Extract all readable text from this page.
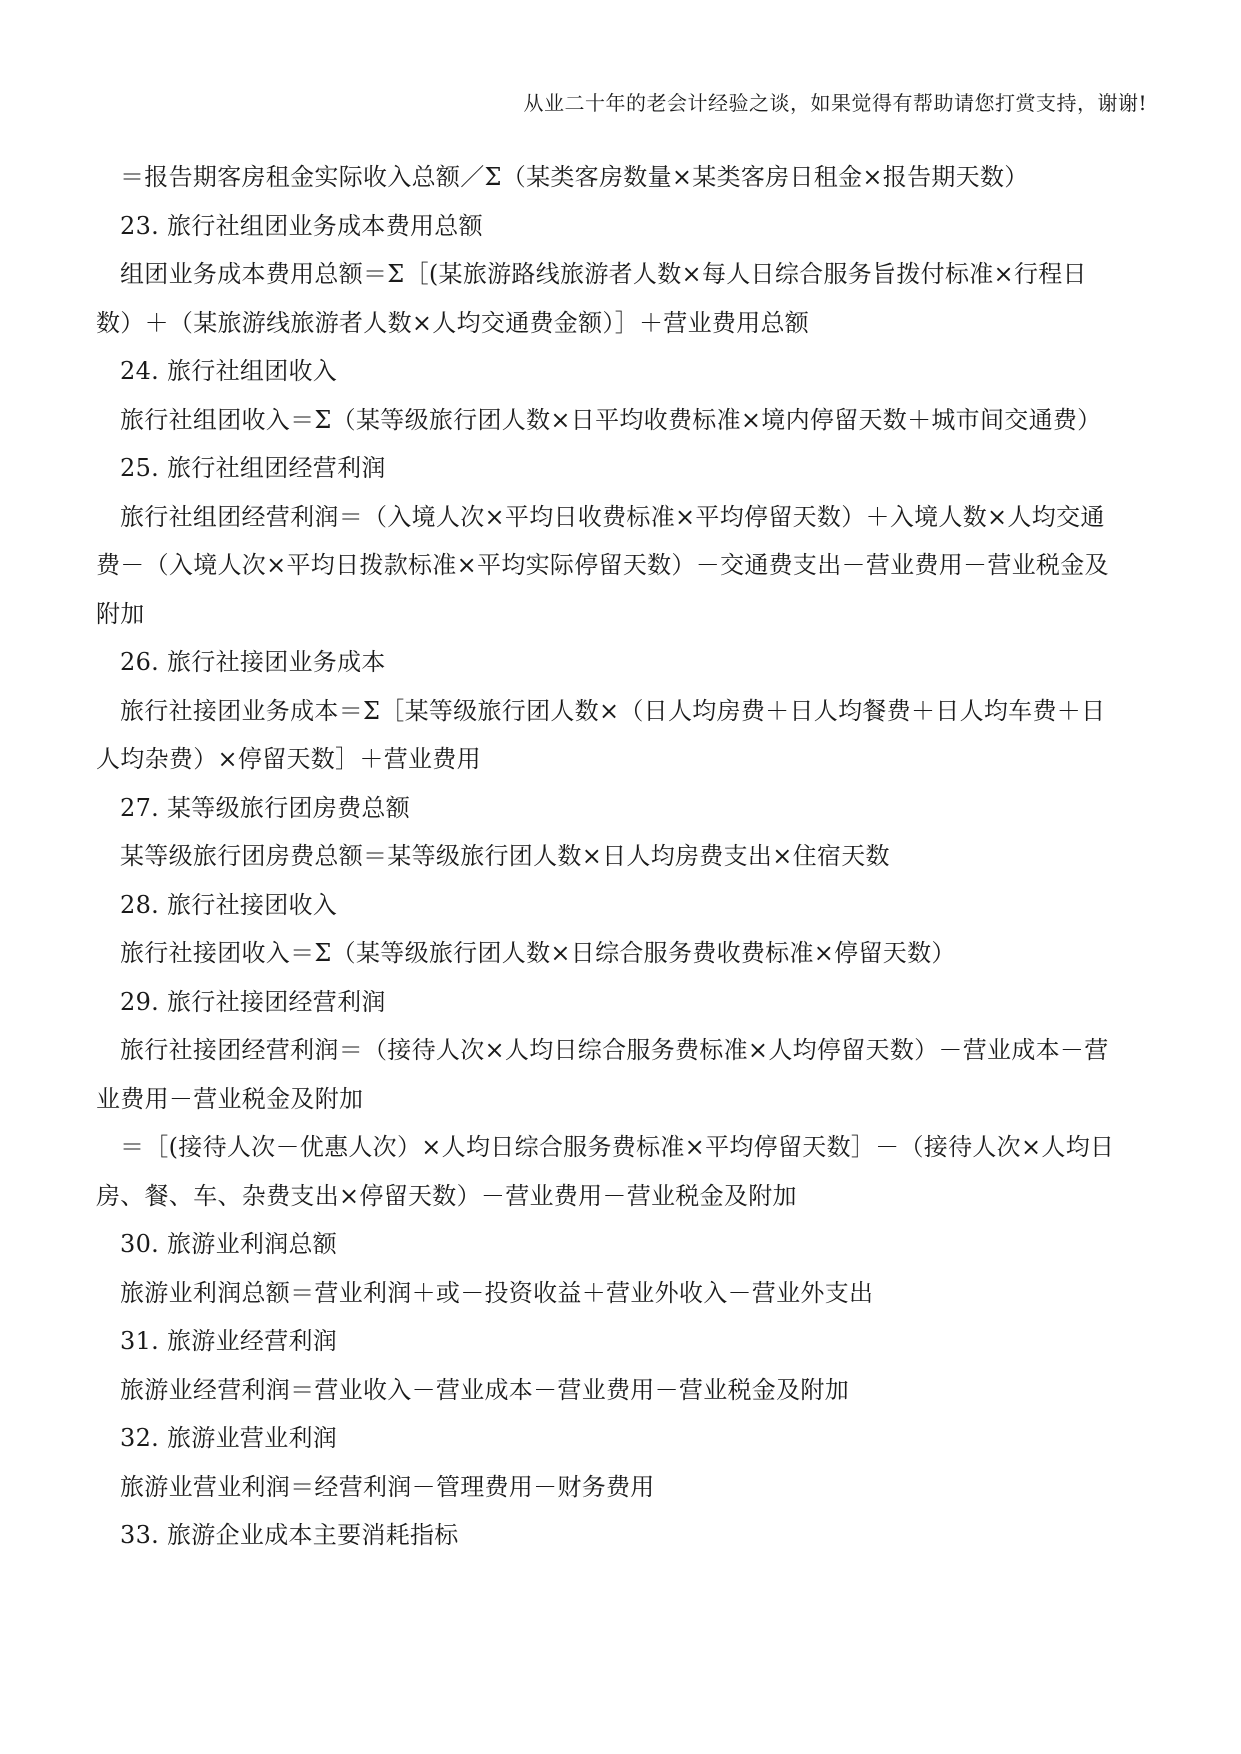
从业二十年的老会计经验之谈，如果觉得有帮助请您打赏支持，谢谢!

＝报告期客房租金实际收入总额／Σ（某类客房数量×某类客房日租金×报告期天数）

23. 旅行社组团业务成本费用总额

组团业务成本费用总额＝Σ［(某旅游路线旅游者人数×每人日综合服务旨拨付标准×行程日

数）＋（某旅游线旅游者人数×人均交通费金额）］＋营业费用总额

24. 旅行社组团收入

旅行社组团收入＝Σ（某等级旅行团人数×日平均收费标准×境内停留天数＋城市间交通费）

25. 旅行社组团经营利润

旅行社组团经营利润＝（入境人次×平均日收费标准×平均停留天数）＋入境人数×人均交通

费－（入境人次×平均日拨款标准×平均实际停留天数）－交通费支出－营业费用－营业税金及

附加

26. 旅行社接团业务成本

旅行社接团业务成本＝Σ［某等级旅行团人数×（日人均房费＋日人均餐费＋日人均车费＋日

人均杂费）×停留天数］＋营业费用

27. 某等级旅行团房费总额

某等级旅行团房费总额＝某等级旅行团人数×日人均房费支出×住宿天数

28. 旅行社接团收入

旅行社接团收入＝Σ（某等级旅行团人数×日综合服务费收费标准×停留天数）

29. 旅行社接团经营利润

旅行社接团经营利润＝（接待人次×人均日综合服务费标准×人均停留天数）－营业成本－营

业费用－营业税金及附加

＝［(接待人次－优惠人次）×人均日综合服务费标准×平均停留天数］－（接待人次×人均日

房、餐、车、杂费支出×停留天数）－营业费用－营业税金及附加

30. 旅游业利润总额

旅游业利润总额＝营业利润＋或－投资收益＋营业外收入－营业外支出

31. 旅游业经营利润

旅游业经营利润＝营业收入－营业成本－营业费用－营业税金及附加

32. 旅游业营业利润

旅游业营业利润＝经营利润－管理费用－财务费用

33. 旅游企业成本主要消耗指标
